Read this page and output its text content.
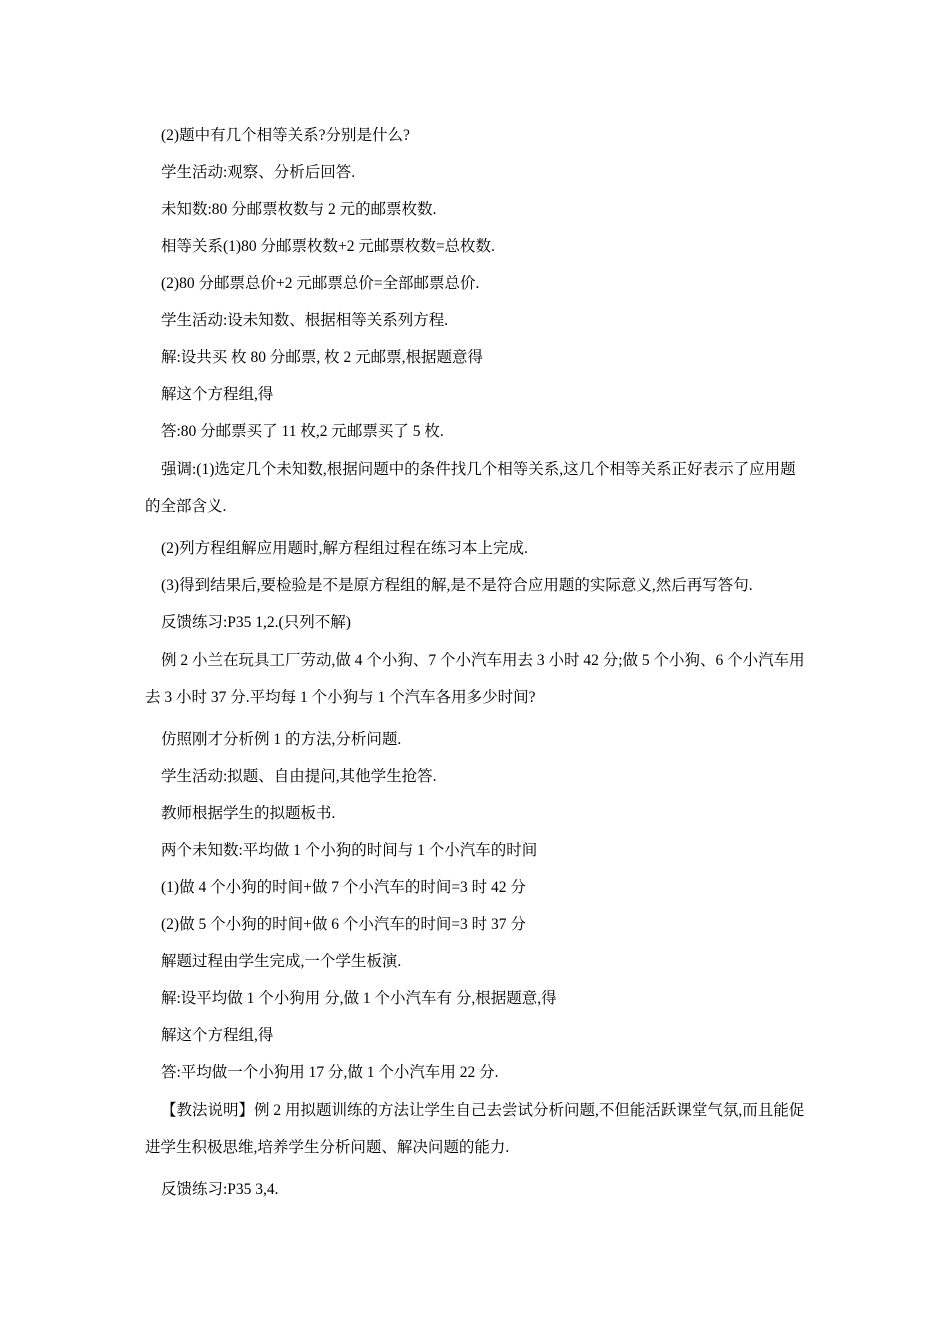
(2)题中有几个相等关系?分别是什么?

学生活动:观察、分析后回答.

未知数:80 分邮票枚数与 2 元的邮票枚数.

相等关系(1)80 分邮票枚数+2 元邮票枚数=总枚数.

(2)80 分邮票总价+2 元邮票总价=全部邮票总价.

学生活动:设未知数、根据相等关系列方程.

解:设共买 枚 80 分邮票, 枚 2 元邮票,根据题意得

解这个方程组,得

答:80 分邮票买了 11 枚,2 元邮票买了 5 枚.

强调:(1)选定几个未知数,根据问题中的条件找几个相等关系,这几个相等关系正好表示了应用题的全部含义.

(2)列方程组解应用题时,解方程组过程在练习本上完成.

(3)得到结果后,要检验是不是原方程组的解,是不是符合应用题的实际意义,然后再写答句.

反馈练习:P35 1,2.(只列不解)

例 2 小兰在玩具工厂劳动,做 4 个小狗、7 个小汽车用去 3 小时 42 分;做 5 个小狗、6 个小汽车用去 3 小时 37 分.平均每 1 个小狗与 1 个汽车各用多少时间?

仿照刚才分析例 1 的方法,分析问题.

学生活动:拟题、自由提问,其他学生抢答.

教师根据学生的拟题板书.

两个未知数:平均做 1 个小狗的时间与 1 个小汽车的时间

(1)做 4 个小狗的时间+做 7 个小汽车的时间=3 时 42 分

(2)做 5 个小狗的时间+做 6 个小汽车的时间=3 时 37 分

解题过程由学生完成,一个学生板演.

解:设平均做 1 个小狗用 分,做 1 个小汽车有 分,根据题意,得

解这个方程组,得

答:平均做一个小狗用 17 分,做 1 个小汽车用 22 分.

【教法说明】例 2 用拟题训练的方法让学生自己去尝试分析问题,不但能活跃课堂气氛,而且能促进学生积极思维,培养学生分析问题、解决问题的能力.

反馈练习:P35 3,4.
